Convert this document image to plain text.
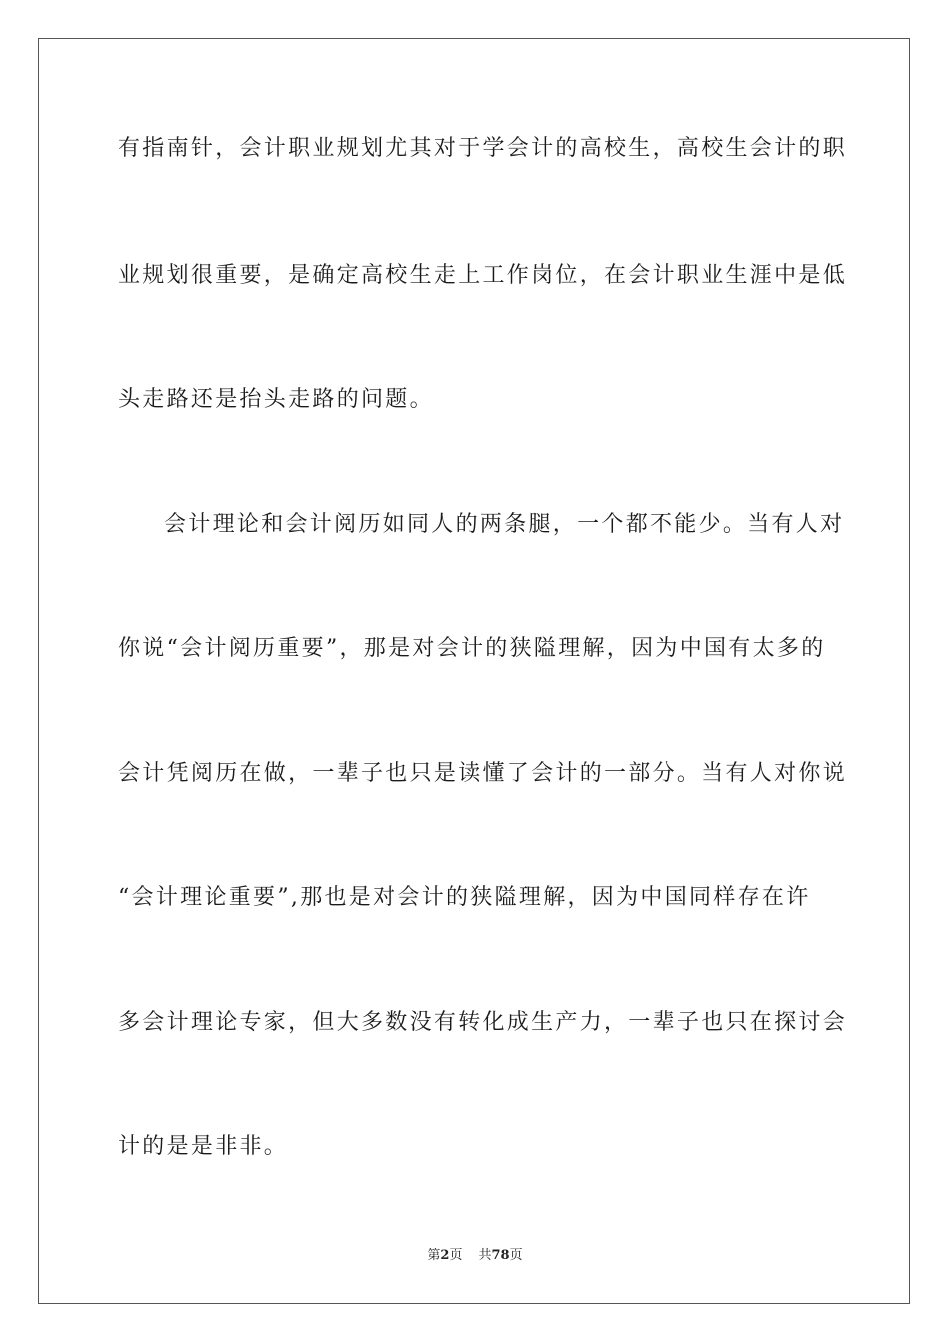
有指南针，会计职业规划尤其对于学会计的高校生，高校生会计的职
业规划很重要，是确定高校生走上工作岗位，在会计职业生涯中是低
头走路还是抬头走路的问题。
会计理论和会计阅历如同人的两条腿，一个都不能少。当有人对
你说“会计阅历重要”，那是对会计的狭隘理解，因为中国有太多的
会计凭阅历在做，一辈子也只是读懂了会计的一部分。当有人对你说
“会计理论重要”,那也是对会计的狭隘理解，因为中国同样存在许
多会计理论专家，但大多数没有转化成生产力，一辈子也只在探讨会
计的是是非非。
第2页 共78页
